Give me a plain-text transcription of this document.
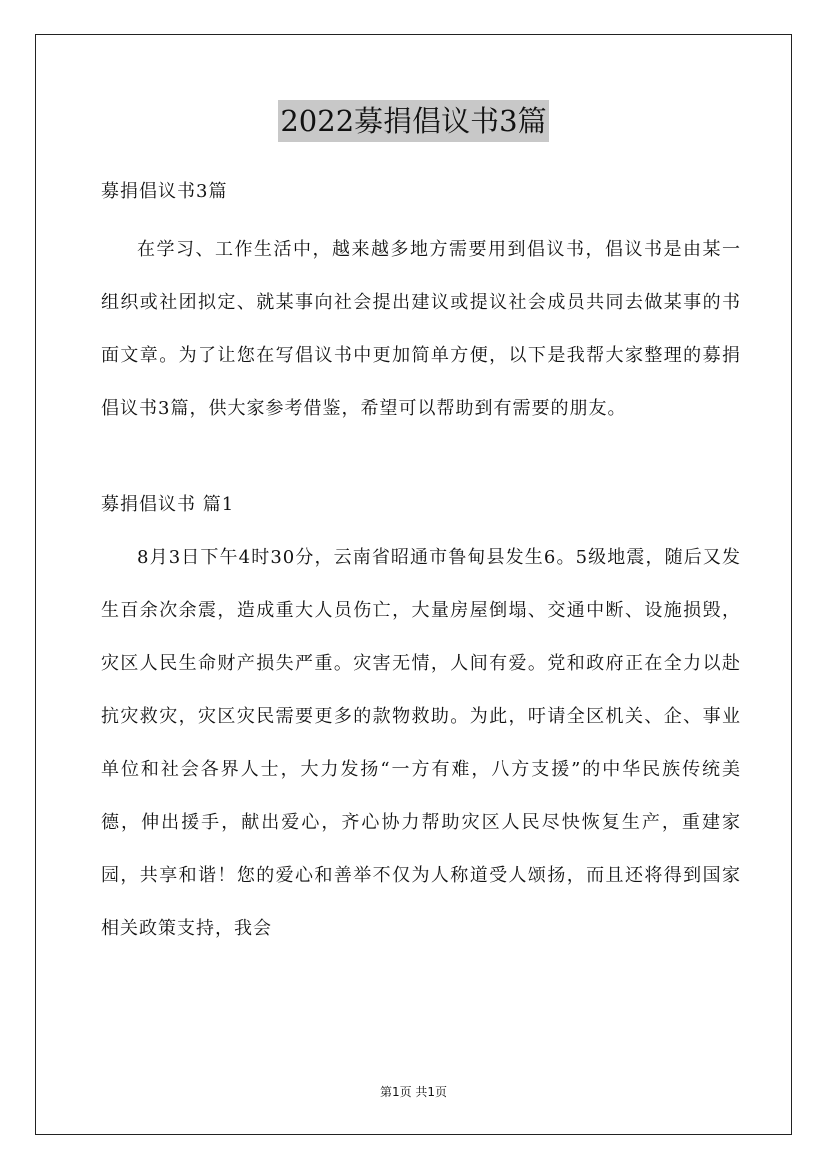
2022募捐倡议书3篇

募捐倡议书3篇

在学习、工作生活中，越来越多地方需要用到倡议书，倡议书是由某一组织或社团拟定、就某事向社会提出建议或提议社会成员共同去做某事的书面文章。为了让您在写倡议书中更加简单方便，以下是我帮大家整理的募捐倡议书3篇，供大家参考借鉴，希望可以帮助到有需要的朋友。

募捐倡议书 篇1

8月3日下午4时30分，云南省昭通市鲁甸县发生6。5级地震，随后又发生百余次余震，造成重大人员伤亡，大量房屋倒塌、交通中断、设施损毁，灾区人民生命财产损失严重。灾害无情，人间有爱。党和政府正在全力以赴抗灾救灾，灾区灾民需要更多的款物救助。为此，吁请全区机关、企、事业单位和社会各界人士，大力发扬“一方有难，八方支援”的中华民族传统美德，伸出援手，献出爱心，齐心协力帮助灾区人民尽快恢复生产，重建家园，共享和谐！您的爱心和善举不仅为人称道受人颂扬，而且还将得到国家相关政策支持，我会

第1页 共1页
